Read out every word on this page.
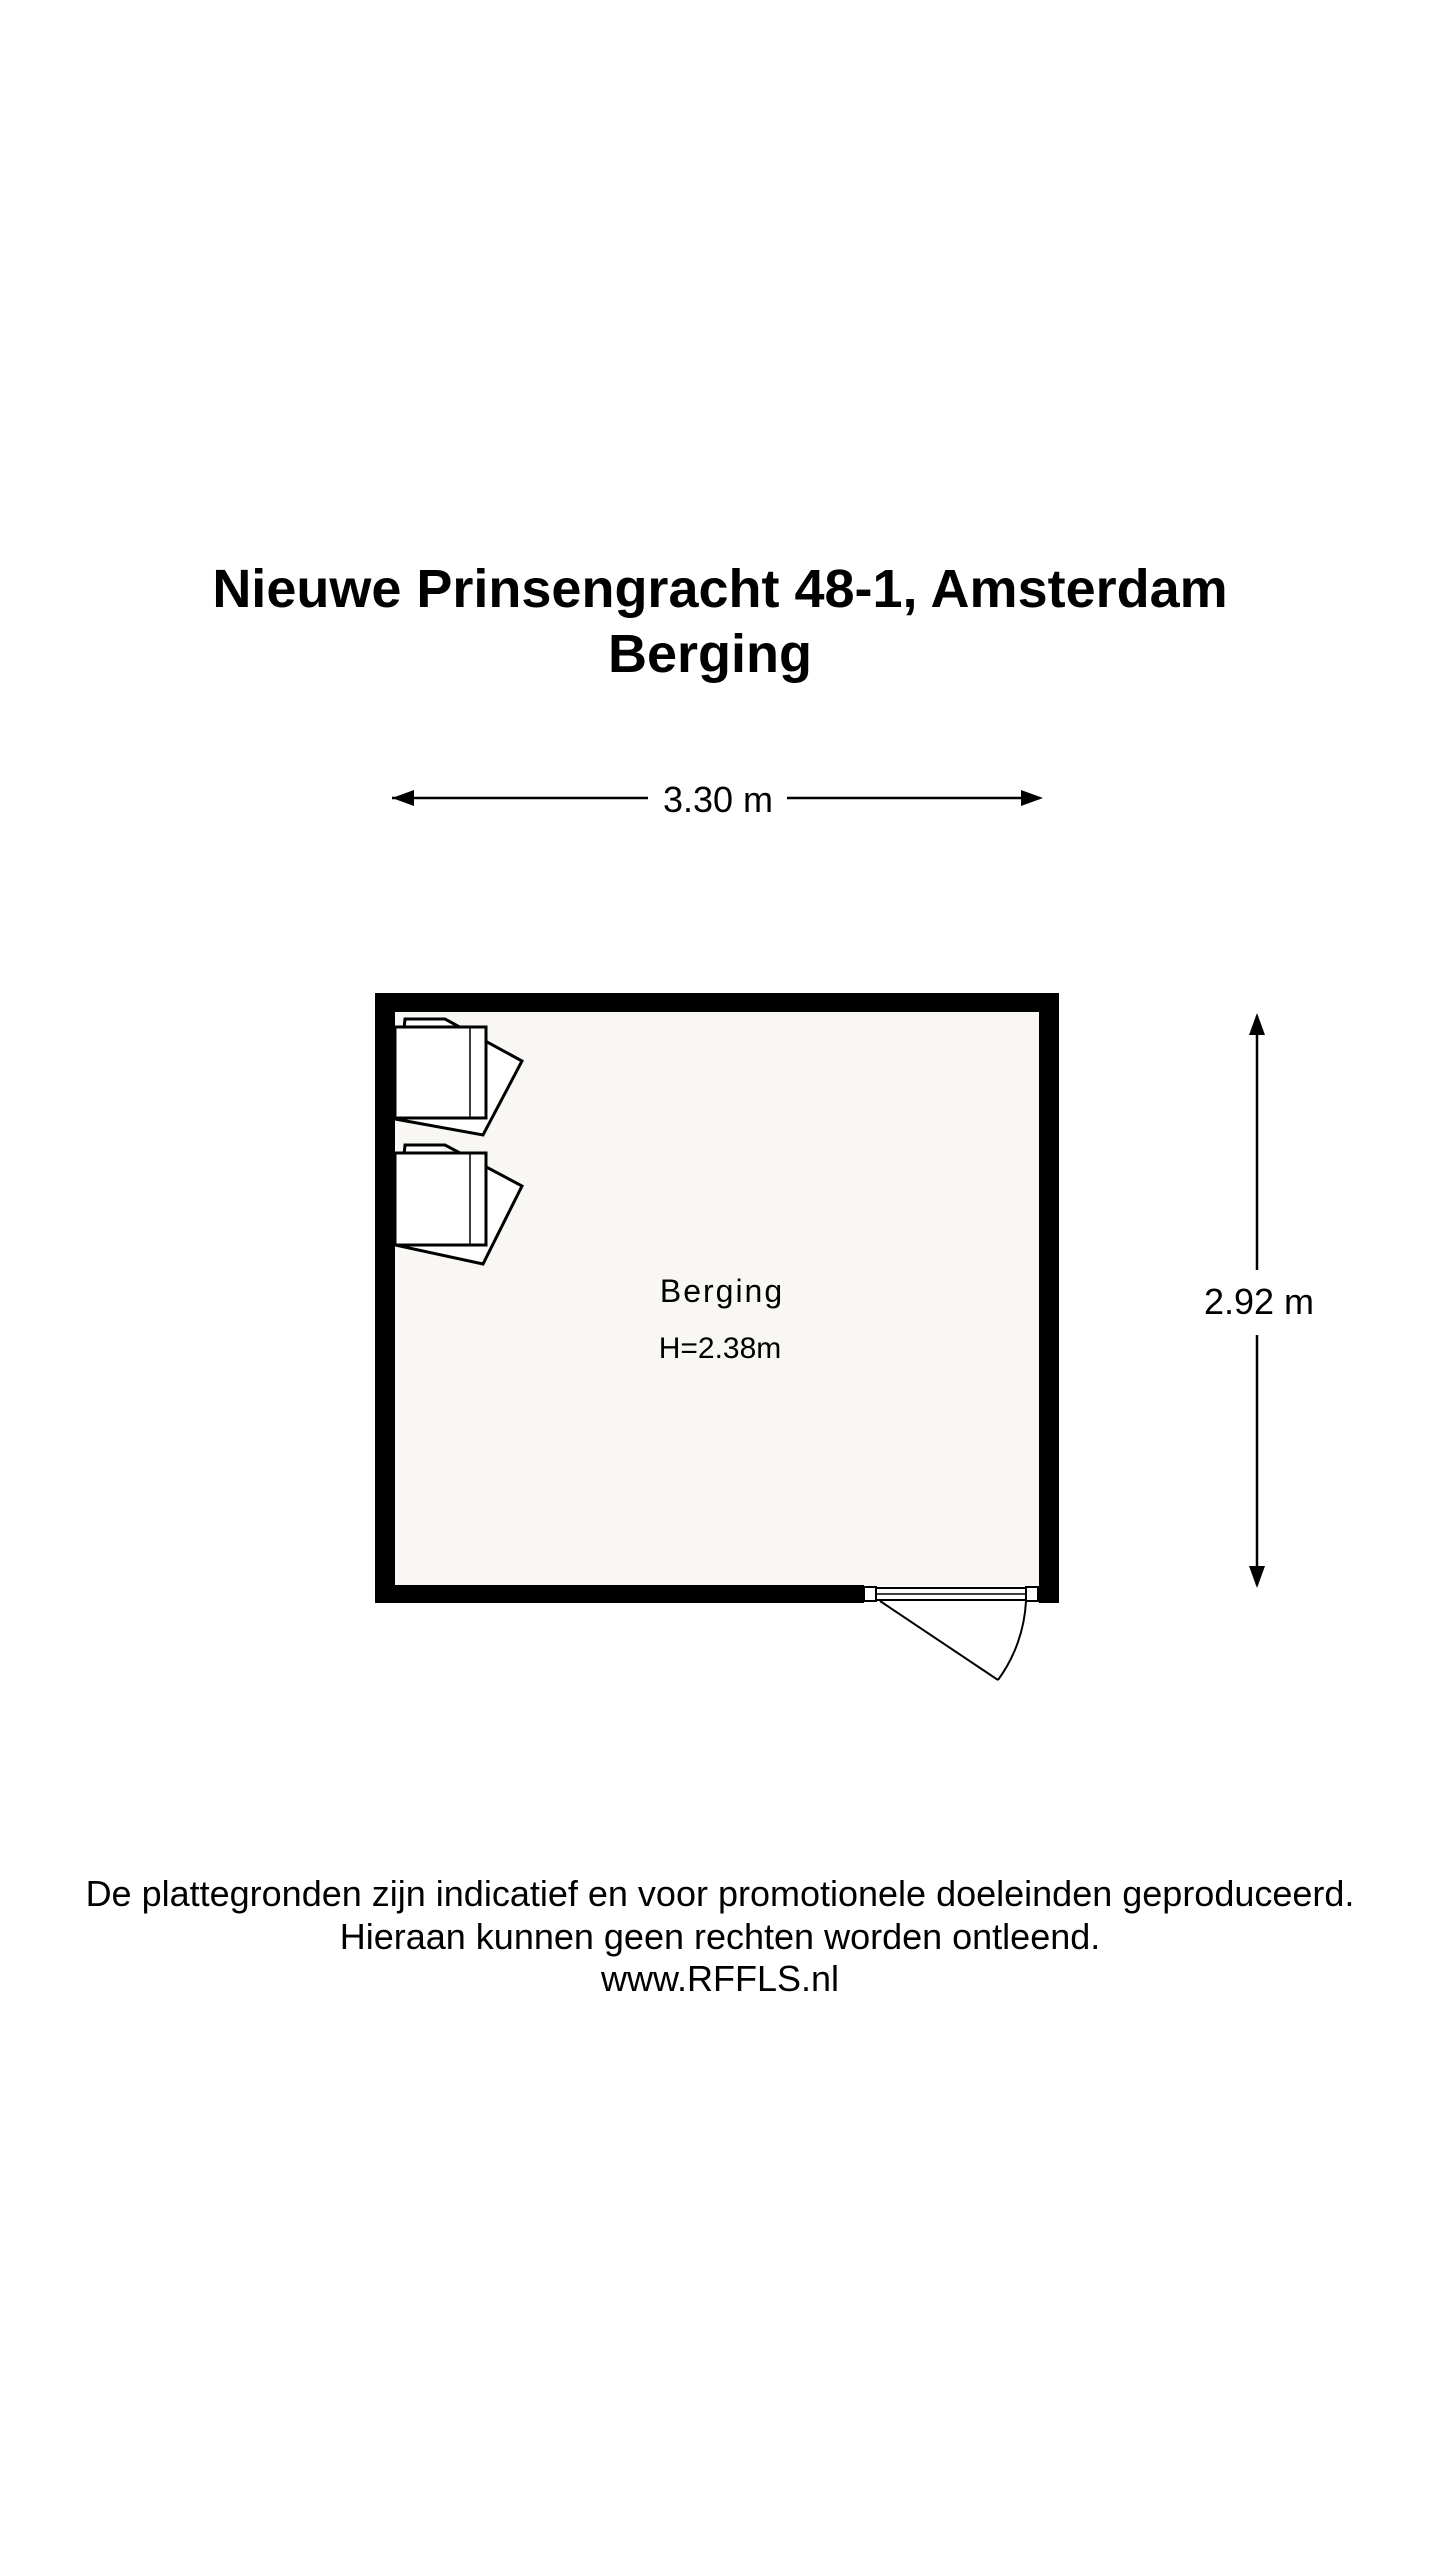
Nieuwe Prinsengracht 48-1, Amsterdam
Berging
3.30 m
2.92 m
Berging
H=2.38m
De plattegronden zijn indicatief en voor promotionele doeleinden geproduceerd.
Hieraan kunnen geen rechten worden ontleend.
www.RFFLS.nl
